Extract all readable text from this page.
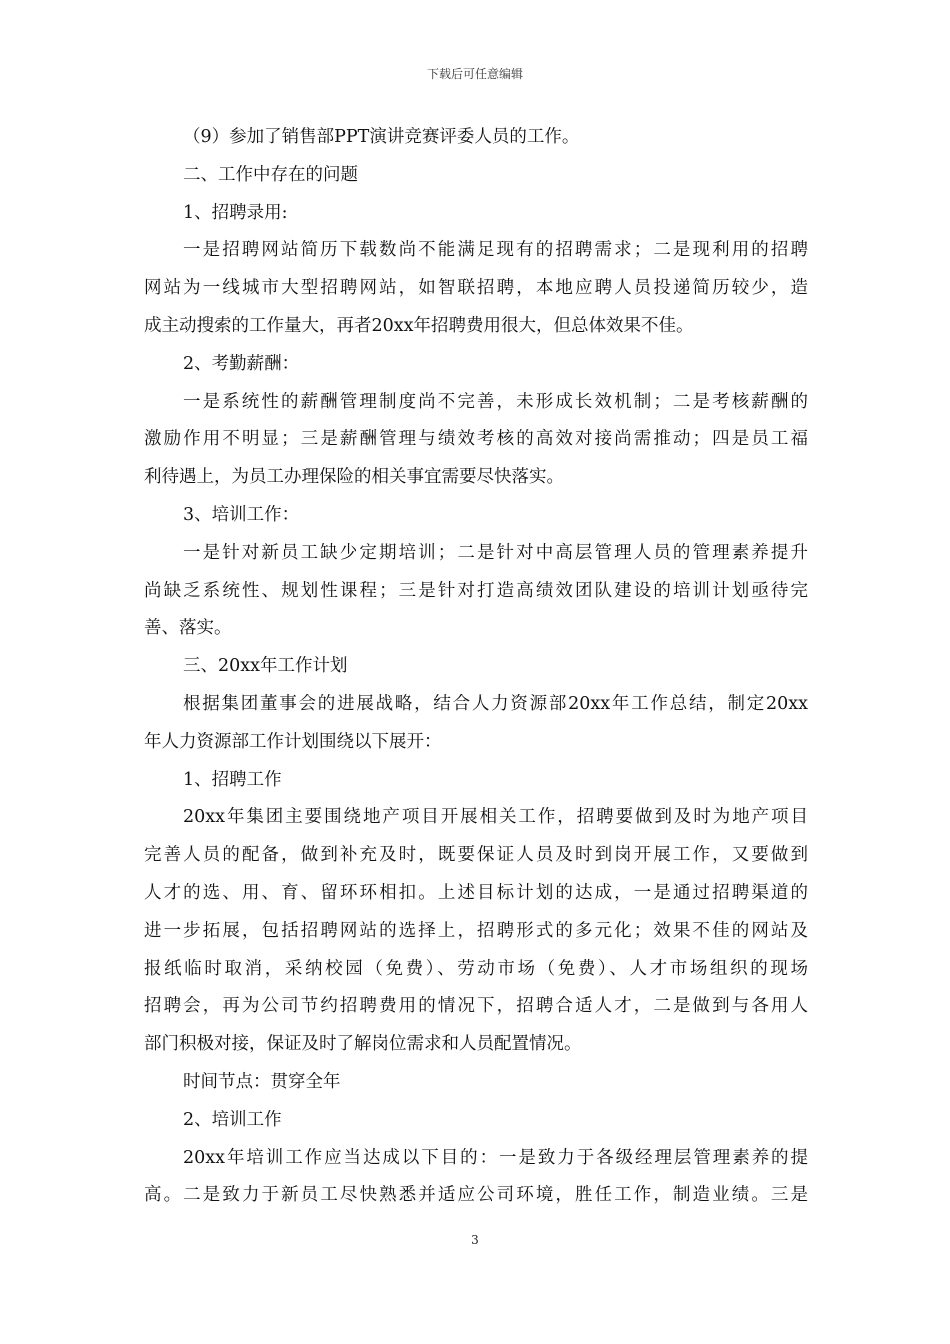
下载后可任意编辑
（9）参加了销售部PPT演讲竞赛评委人员的工作。
二、工作中存在的问题
1、招聘录用:
一是招聘网站简历下载数尚不能满足现有的招聘需求；二是现利用的招聘
网站为一线城市大型招聘网站，如智联招聘，本地应聘人员投递简历较少，造
成主动搜索的工作量大，再者20xx年招聘费用很大，但总体效果不佳。
2、考勤薪酬：
一是系统性的薪酬管理制度尚不完善，未形成长效机制；二是考核薪酬的
激励作用不明显；三是薪酬管理与绩效考核的高效对接尚需推动；四是员工福
利待遇上，为员工办理保险的相关事宜需要尽快落实。
3、培训工作：
一是针对新员工缺少定期培训；二是针对中高层管理人员的管理素养提升
尚缺乏系统性、规划性课程；三是针对打造高绩效团队建设的培训计划亟待完
善、落实。
三、20xx年工作计划
根据集团董事会的进展战略，结合人力资源部20xx年工作总结，制定20xx
年人力资源部工作计划围绕以下展开：
1、招聘工作
20xx年集团主要围绕地产项目开展相关工作，招聘要做到及时为地产项目
完善人员的配备，做到补充及时，既要保证人员及时到岗开展工作，又要做到
人才的选、用、育、留环环相扣。上述目标计划的达成，一是通过招聘渠道的
进一步拓展，包括招聘网站的选择上，招聘形式的多元化；效果不佳的网站及
报纸临时取消，采纳校园（免费）、劳动市场（免费）、人才市场组织的现场
招聘会，再为公司节约招聘费用的情况下，招聘合适人才，二是做到与各用人
部门积极对接，保证及时了解岗位需求和人员配置情况。
时间节点：贯穿全年
2、培训工作
20xx年培训工作应当达成以下目的：一是致力于各级经理层管理素养的提
高。二是致力于新员工尽快熟悉并适应公司环境，胜任工作，制造业绩。三是
3
